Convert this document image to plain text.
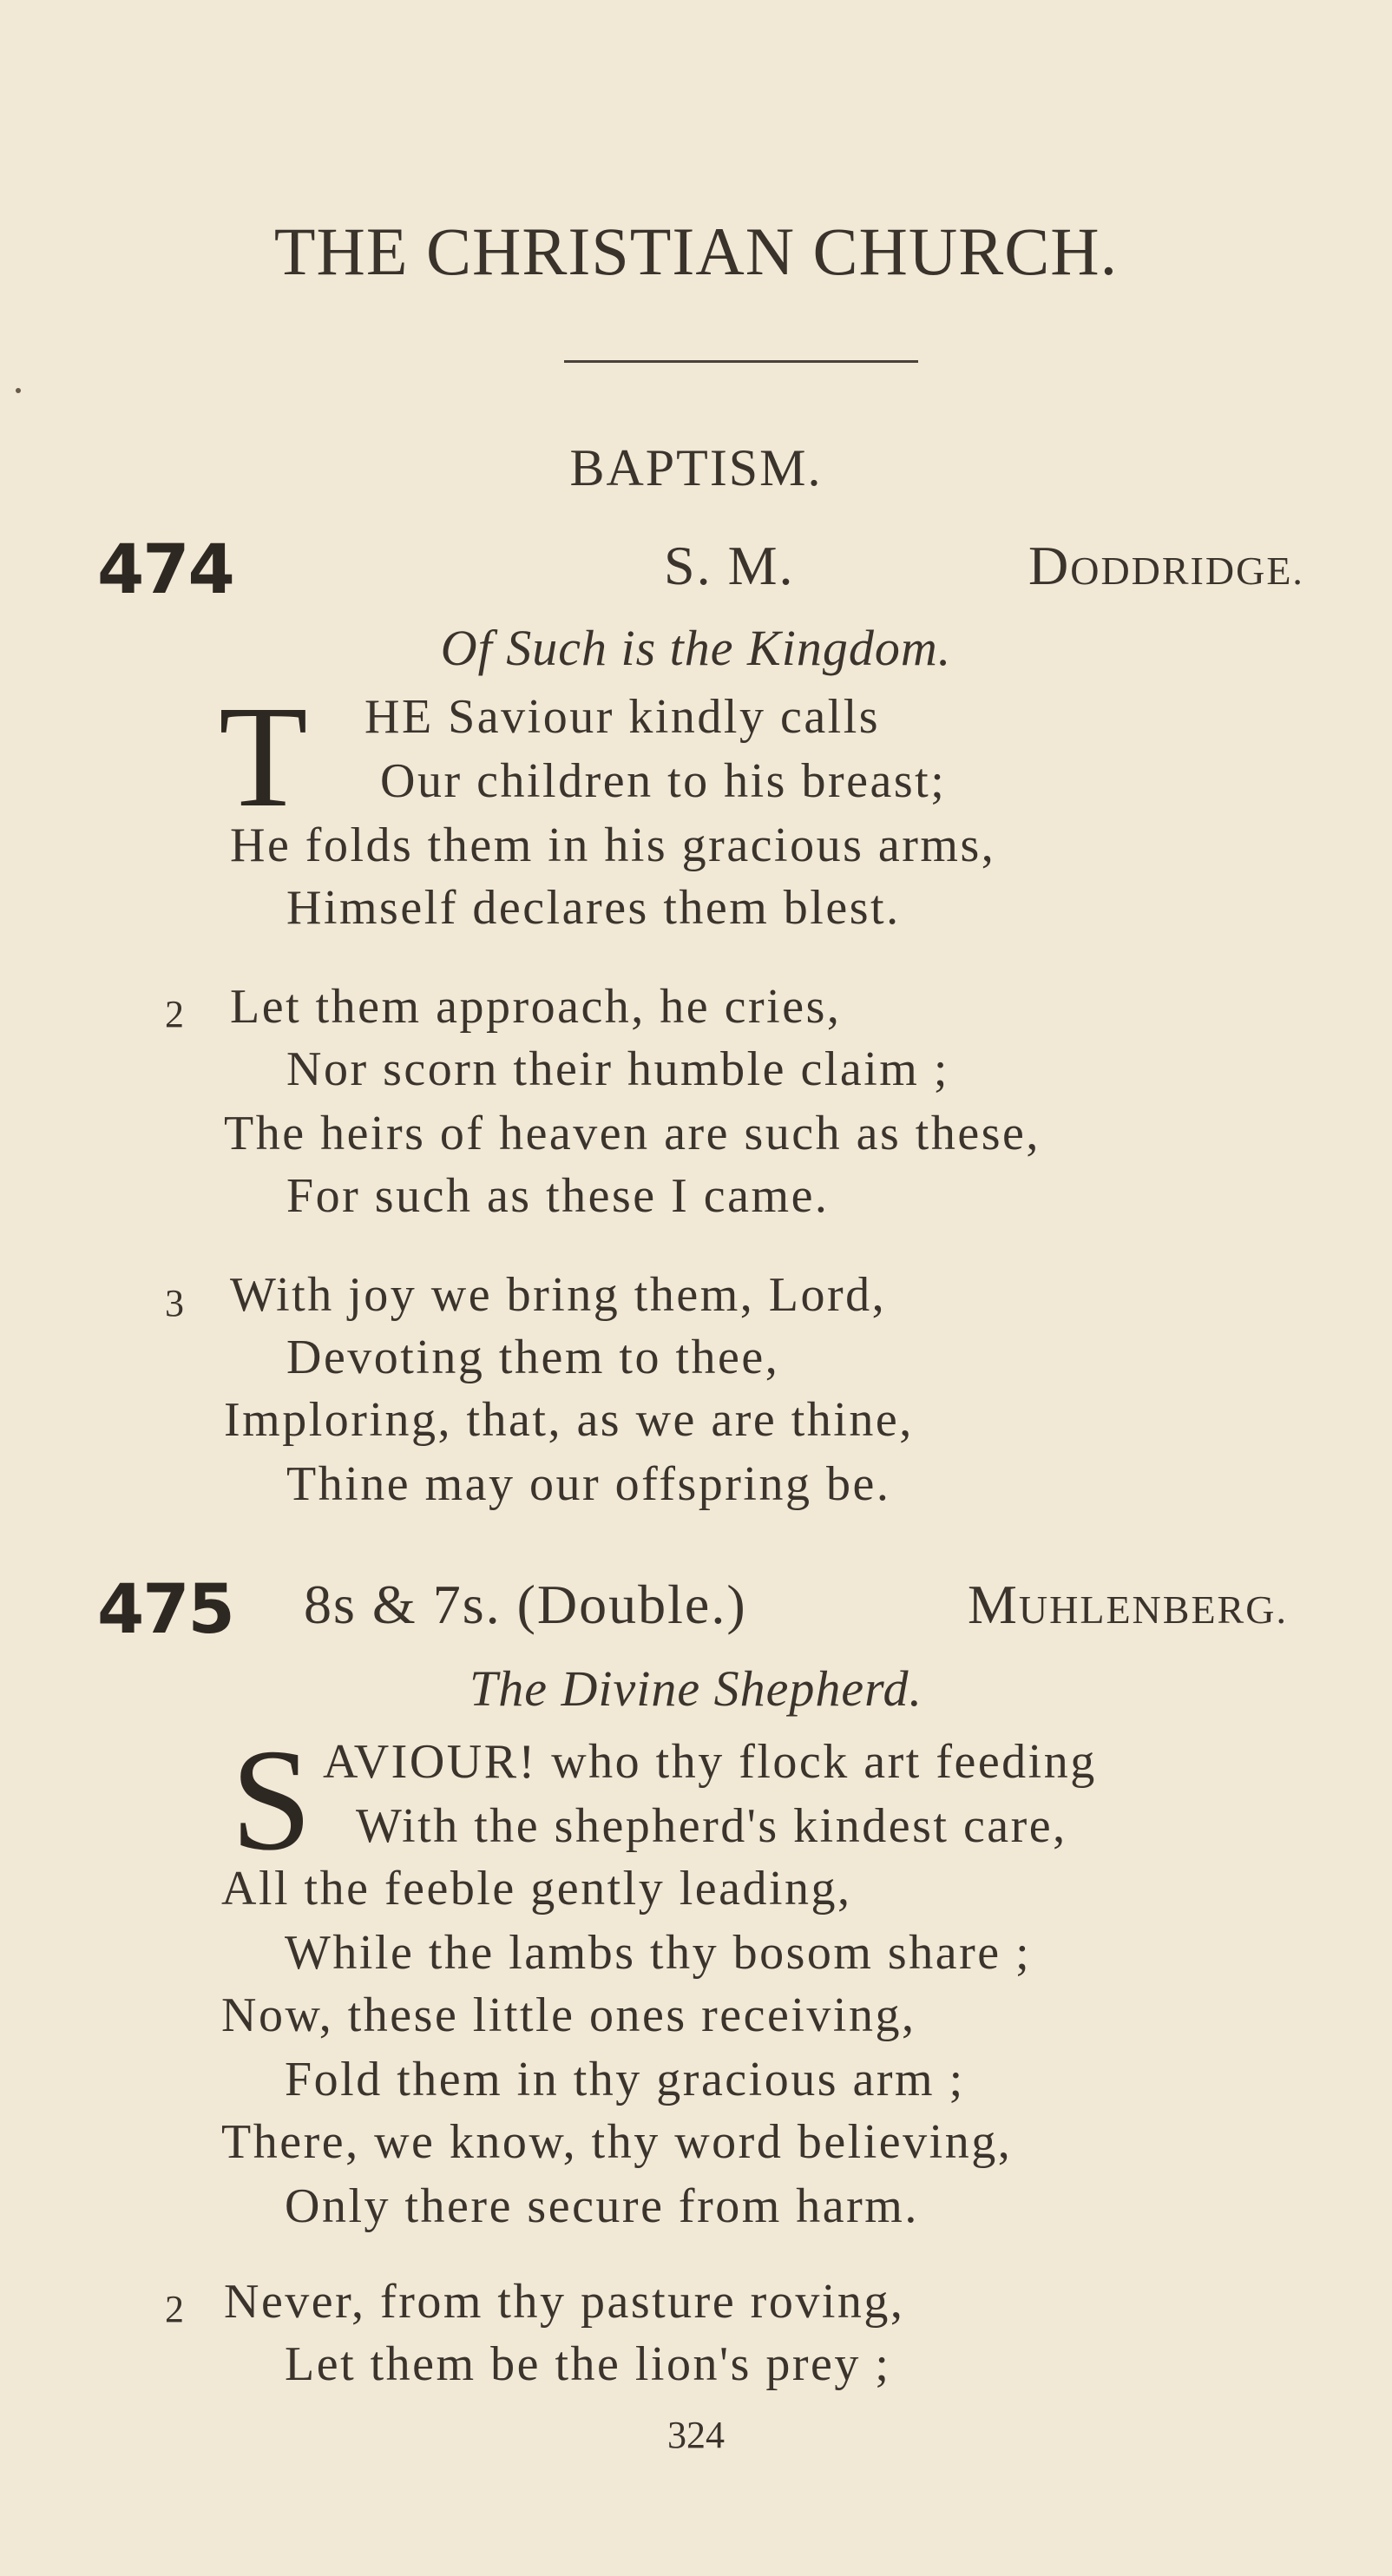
THE CHRISTIAN CHURCH.
BAPTISM.
474	S. M.	DODDRIDGE.
Of Such is the Kingdom.
T HE Saviour kindly calls
Our children to his breast;
He folds them in his gracious arms,
Himself declares them blest.
2 Let them approach, he cries,
Nor scorn their humble claim ;
The heirs of heaven are such as these,
For such as these I came.
3 With joy we bring them, Lord,
Devoting them to thee,
Imploring, that, as we are thine,
Thine may our offspring be.
475 8s & 7s. (Double.)	MUHLENBERG.
The Divine Shepherd.
S AVIOUR! who thy flock art feeding
With the shepherd's kindest care,
All the feeble gently leading,
While the lambs thy bosom share ;
Now, these little ones receiving,
Fold them in thy gracious arm ;
There, we know, thy word believing,
Only there secure from harm.
2 Never, from thy pasture roving,
Let them be the lion's prey ;
324
